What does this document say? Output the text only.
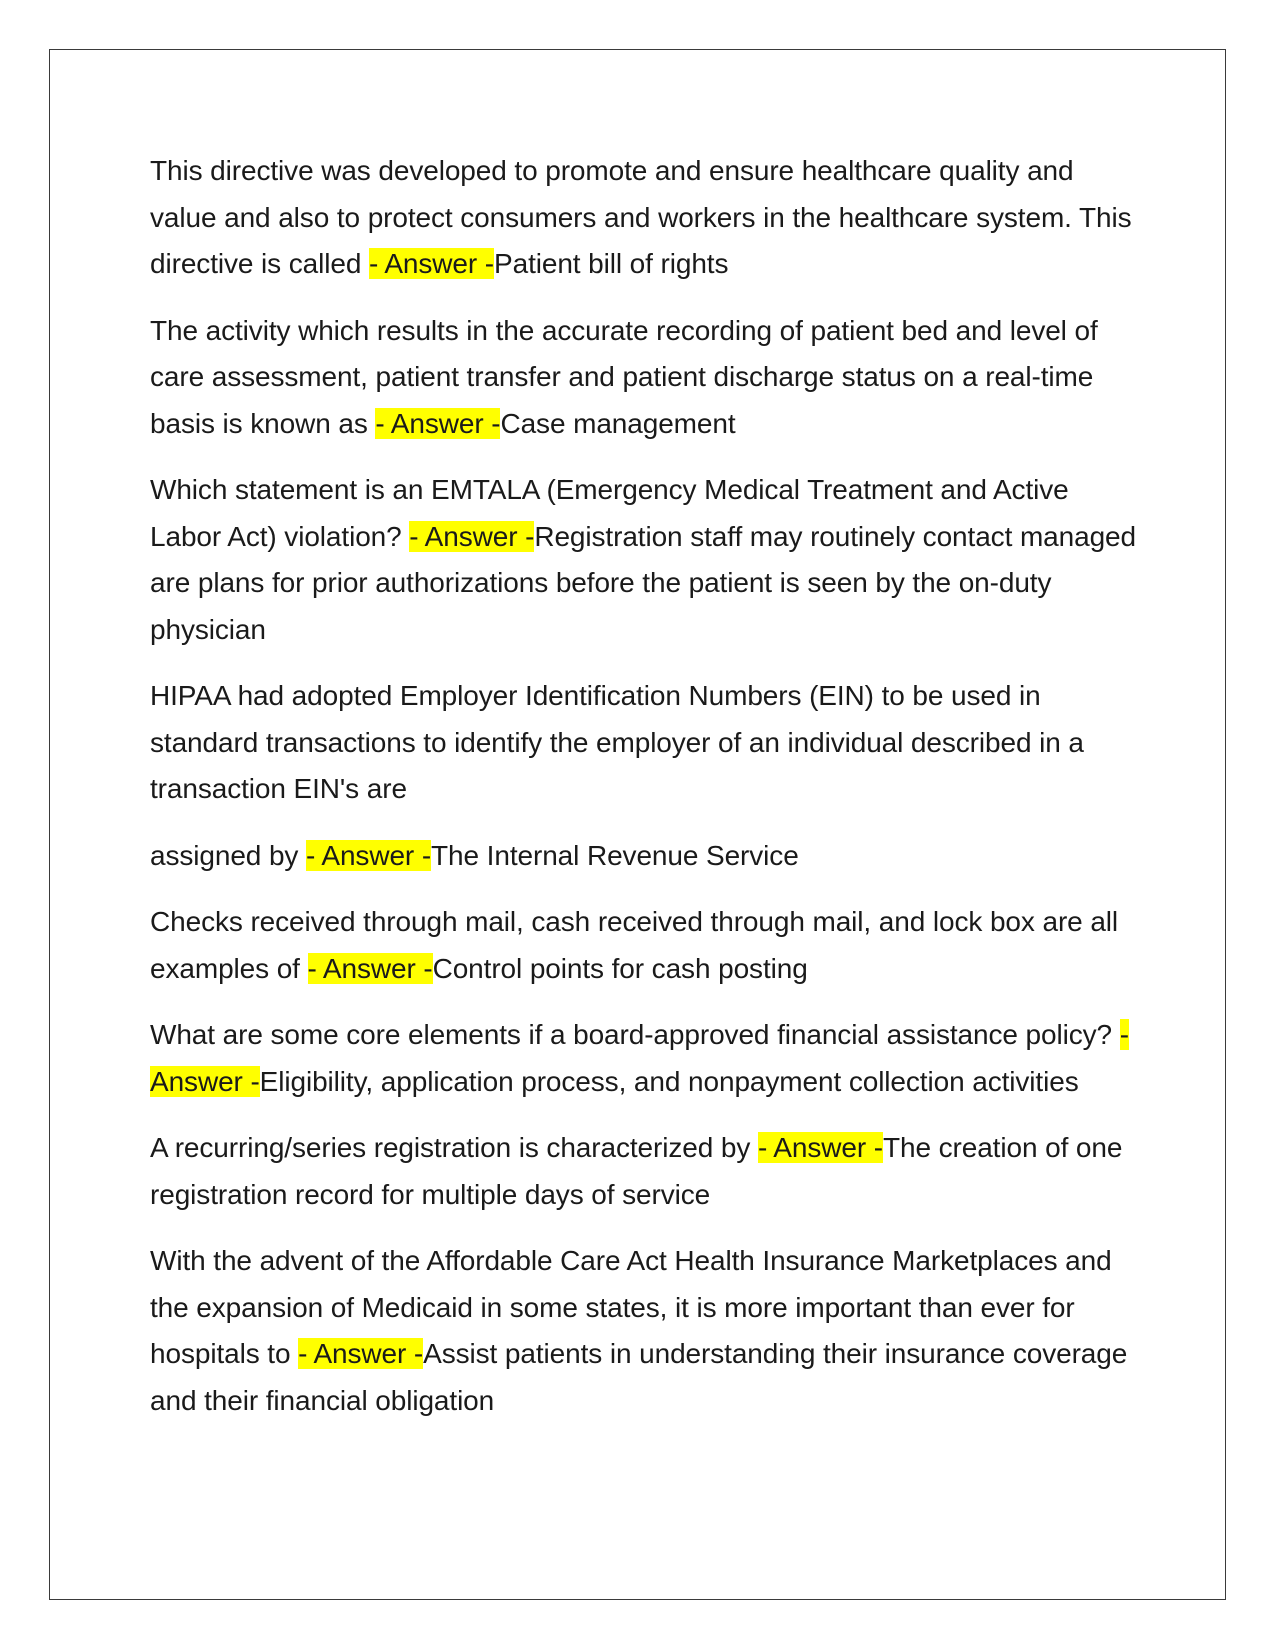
This directive was developed to promote and ensure healthcare quality and value and also to protect consumers and workers in the healthcare system. This directive is called - Answer -Patient bill of rights

The activity which results in the accurate recording of patient bed and level of care assessment, patient transfer and patient discharge status on a real-time basis is known as - Answer -Case management

Which statement is an EMTALA (Emergency Medical Treatment and Active Labor Act) violation? - Answer -Registration staff may routinely contact managed are plans for prior authorizations before the patient is seen by the on-duty physician

HIPAA had adopted Employer Identification Numbers (EIN) to be used in standard transactions to identify the employer of an individual described in a transaction EIN's are

assigned by - Answer -The Internal Revenue Service

Checks received through mail, cash received through mail, and lock box are all examples of - Answer -Control points for cash posting

What are some core elements if a board-approved financial assistance policy? - Answer -Eligibility, application process, and nonpayment collection activities

A recurring/series registration is characterized by - Answer -The creation of one registration record for multiple days of service

With the advent of the Affordable Care Act Health Insurance Marketplaces and the expansion of Medicaid in some states, it is more important than ever for hospitals to - Answer -Assist patients in understanding their insurance coverage and their financial obligation
